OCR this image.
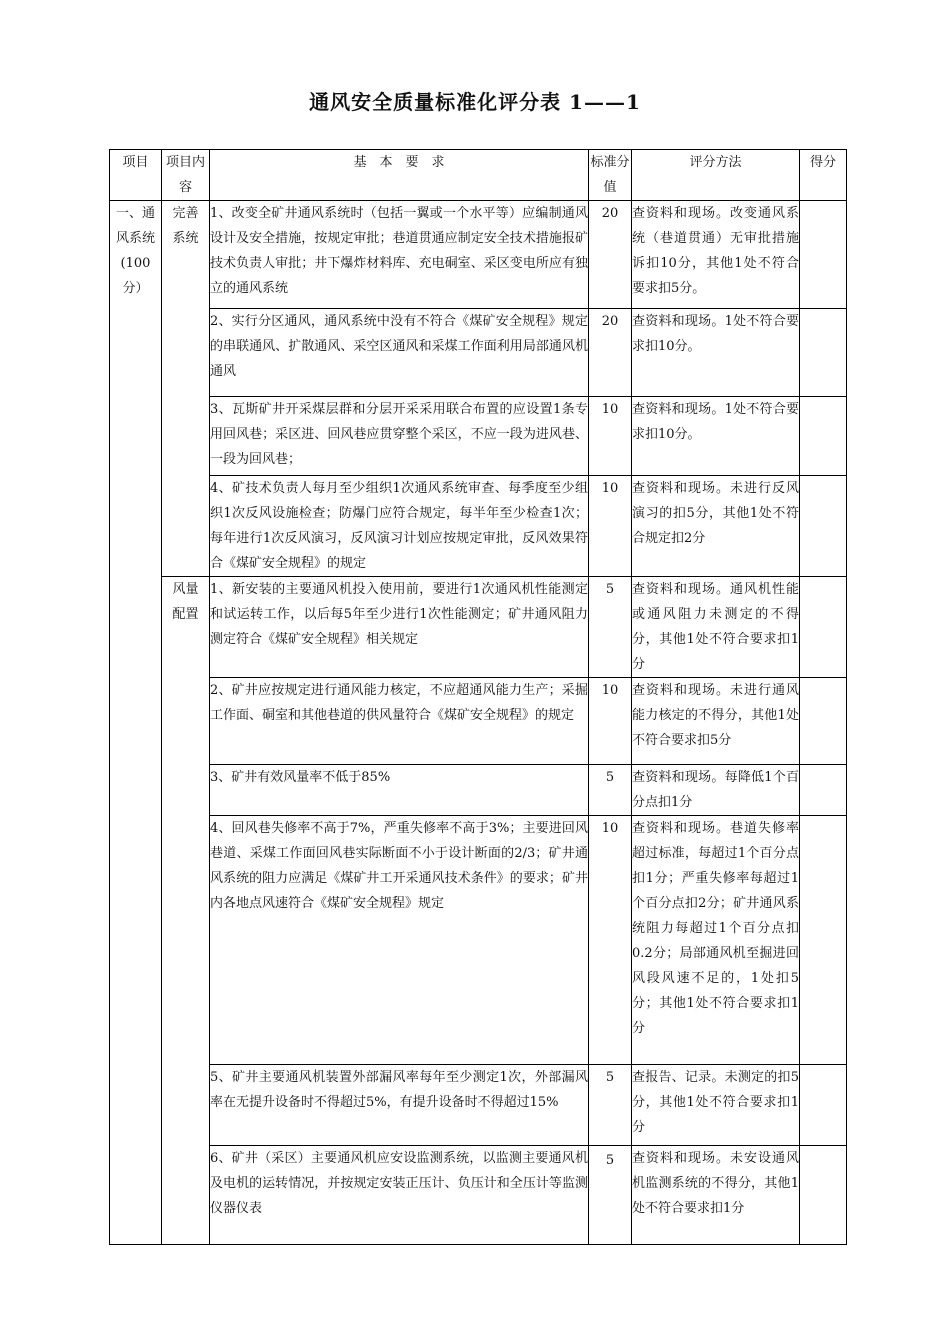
通风安全质量标准化评分表 1——1
项目	项目内容	基　本　要　求	标准分值	评分方法	得分
一、通风系统(100分）	完善系统	1、改变全矿井通风系统时（包括一翼或一个水平等）应编制通风设计及安全措施，按规定审批；巷道贯通应制定安全技术措施报矿技术负责人审批；井下爆炸材料库、充电硐室、采区变电所应有独立的通风系统	20	查资料和现场。改变通风系统（巷道贯通）无审批措施诉扣10分，其他1处不符合要求扣5分。	
		2、实行分区通风，通风系统中没有不符合《煤矿安全规程》规定的串联通风、扩散通风、采空区通风和采煤工作面利用局部通风机通风	20	查资料和现场。1处不符合要求扣10分。	
		3、瓦斯矿井开采煤层群和分层开采采用联合布置的应设置1条专用回风巷；采区进、回风巷应贯穿整个采区，不应一段为进风巷、一段为回风巷；	10	查资料和现场。1处不符合要求扣10分。	
		4、矿技术负责人每月至少组织1次通风系统审查、每季度至少组织1次反风设施检查；防爆门应符合规定，每半年至少检查1次；每年进行1次反风演习，反风演习计划应按规定审批，反风效果符合《煤矿安全规程》的规定	10	查资料和现场。未进行反风演习的扣5分，其他1处不符合规定扣2分	
	风量配置	1、新安装的主要通风机投入使用前，要进行1次通风机性能测定和试运转工作，以后每5年至少进行1次性能测定；矿井通风阻力测定符合《煤矿安全规程》相关规定	5	查资料和现场。通风机性能或通风阻力未测定的不得分，其他1处不符合要求扣1分	
		2、矿井应按规定进行通风能力核定，不应超通风能力生产；采掘工作面、硐室和其他巷道的供风量符合《煤矿安全规程》的规定	10	查资料和现场。未进行通风能力核定的不得分，其他1处不符合要求扣5分	
		3、矿井有效风量率不低于85%	5	查资料和现场。每降低1个百分点扣1分	
		4、回风巷失修率不高于7%，严重失修率不高于3%；主要进回风巷道、采煤工作面回风巷实际断面不小于设计断面的2/3；矿井通风系统的阻力应满足《煤矿井工开采通风技术条件》的要求；矿井内各地点风速符合《煤矿安全规程》规定	10	查资料和现场。巷道失修率超过标准，每超过1个百分点扣1分；严重失修率每超过1个百分点扣2分；矿井通风系统阻力每超过1个百分点扣0.2分；局部通风机至掘进回风段风速不足的，1处扣5分；其他1处不符合要求扣1分	
		5、矿井主要通风机装置外部漏风率每年至少测定1次，外部漏风率在无提升设备时不得超过5%，有提升设备时不得超过15%	5	查报告、记录。未测定的扣5分，其他1处不符合要求扣1分	
		6、矿井（采区）主要通风机应安设监测系统，以监测主要通风机及电机的运转情况，并按规定安装正压计、负压计和全压计等监测仪器仪表	5	查资料和现场。未安设通风机监测系统的不得分，其他1处不符合要求扣1分	
